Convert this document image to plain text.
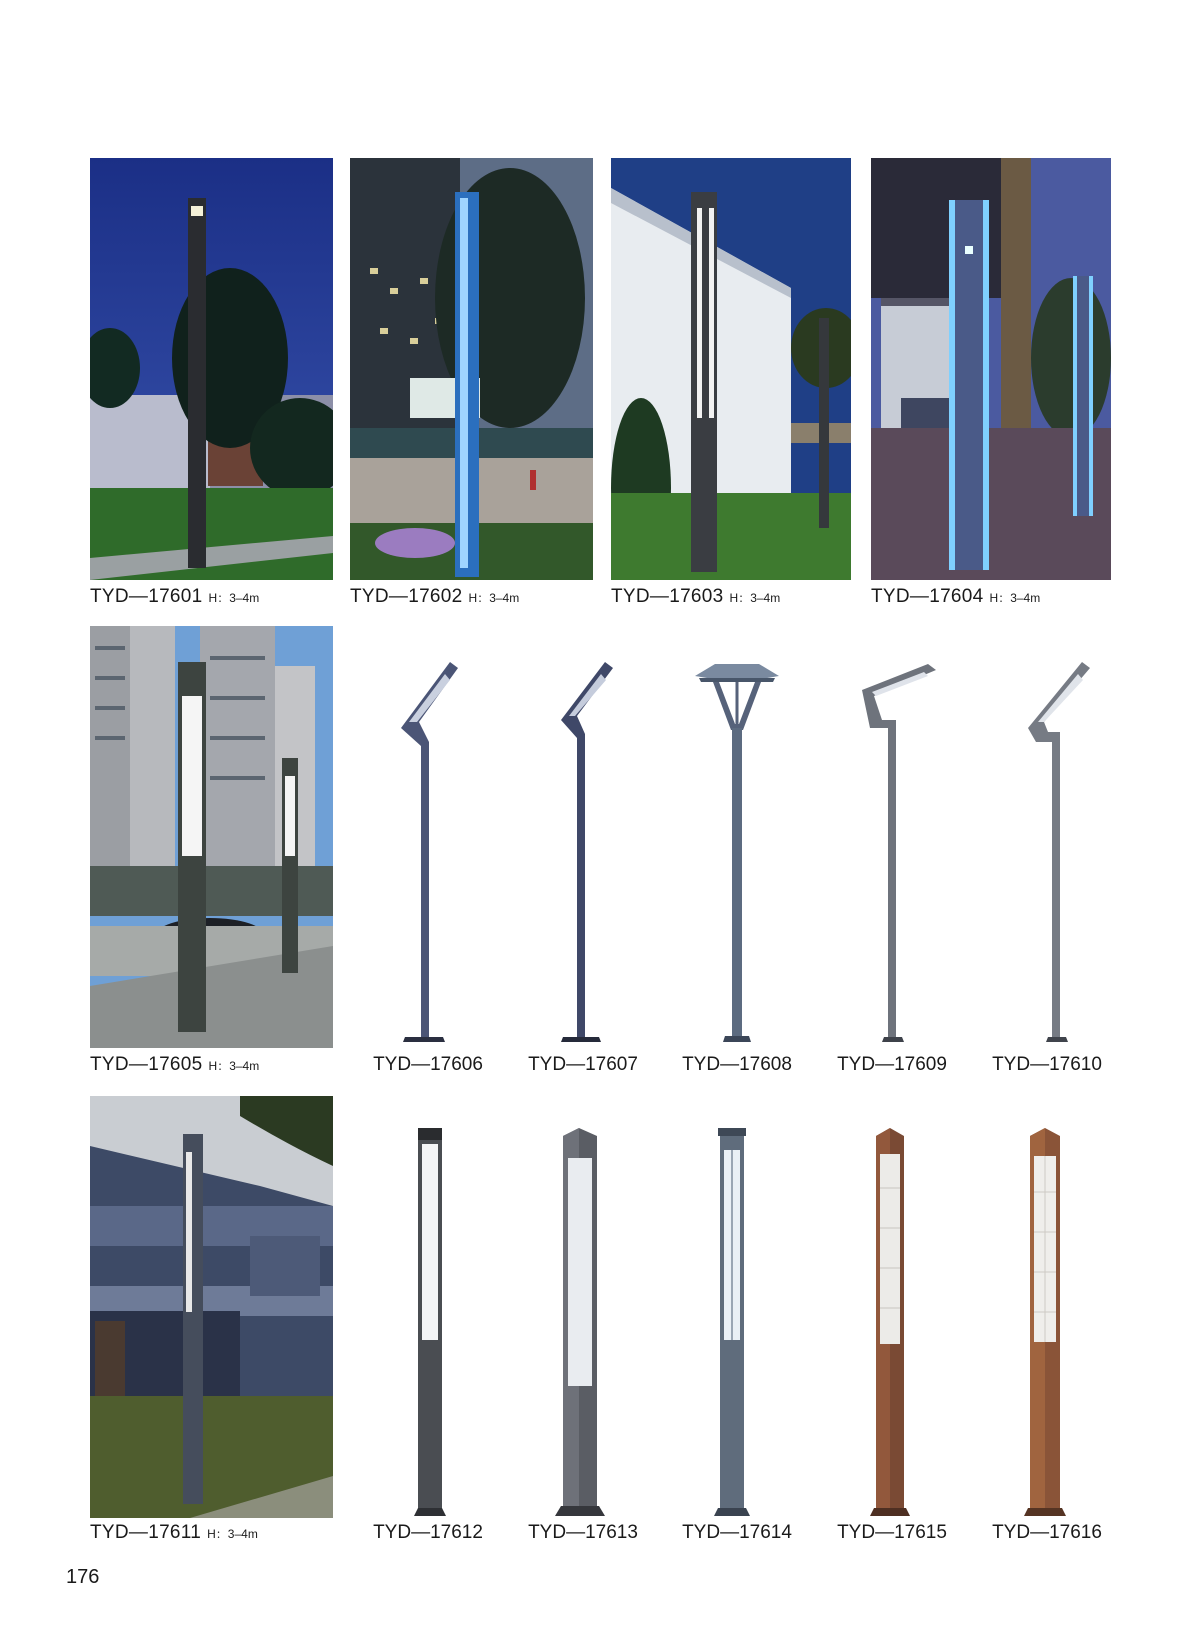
TYD—17601 H：3–4m	TYD—17602 H：3–4m	TYD—17603 H：3–4m	TYD—17604 H：3–4m
TYD—17605 H：3–4m	TYD—17606	TYD—17607	TYD—17608	TYD—17609	TYD—17610
TYD—17611 H：3–4m	TYD—17612	TYD—17613	TYD—17614	TYD—17615	TYD—17616
176
